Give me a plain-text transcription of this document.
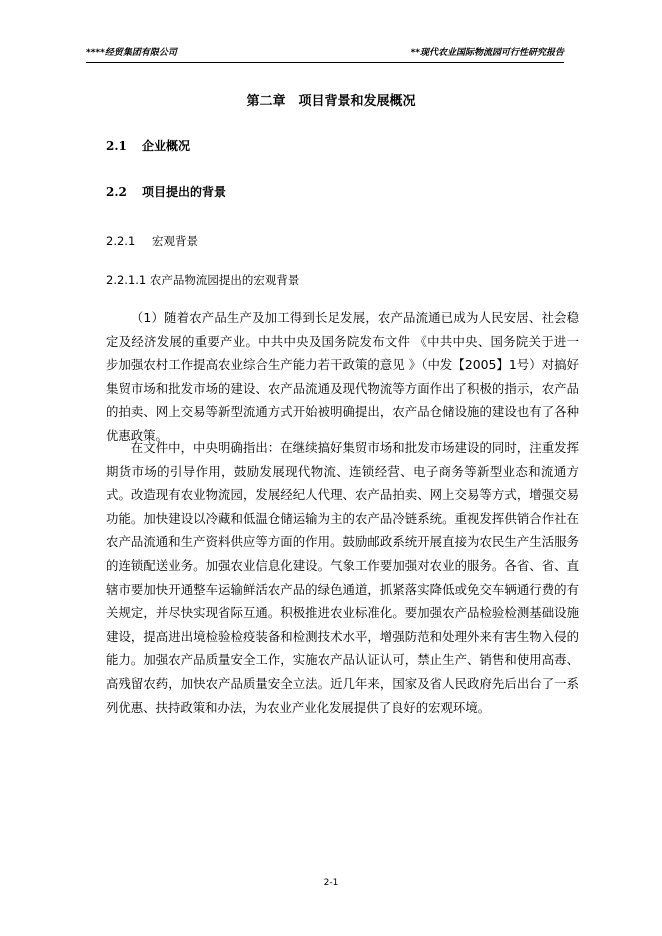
****经贸集团有限公司	**现代农业国际物流园可行性研究报告
第二章　项目背景和发展概况
2.1 企业概况
2.2 项目提出的背景
2.2.1 宏观背景
2.2.1.1 农产品物流园提出的宏观背景

（1）随着农产品生产及加工得到长足发展，农产品流通已成为人民安居、社会稳定及经济发展的重要产业。中共中央及国务院发布文件 《中共中央、国务院关于进一步加强农村工作提高农业综合生产能力若干政策的意见 》（中发【2005】1号）对搞好集贸市场和批发市场的建设、农产品流通及现代物流等方面作出了积极的指示，农产品的拍卖、网上交易等新型流通方式开始被明确提出，农产品仓储设施的建设也有了各种优惠政策。

在文件中，中央明确指出：在继续搞好集贸市场和批发市场建设的同时，注重发挥期货市场的引导作用，鼓励发展现代物流、连锁经营、电子商务等新型业态和流通方式。改造现有农业物流园，发展经纪人代理、农产品拍卖、网上交易等方式，增强交易功能。加快建设以冷藏和低温仓储运输为主的农产品冷链系统。重视发挥供销合作社在农产品流通和生产资料供应等方面的作用。鼓励邮政系统开展直接为农民生产生活服务的连锁配送业务。加强农业信息化建设。气象工作要加强对农业的服务。各省、省、直辖市要加快开通整车运输鲜活农产品的绿色通道，抓紧落实降低或免交车辆通行费的有关规定，并尽快实现省际互通。积极推进农业标准化。要加强农产品检验检测基础设施建设，提高进出境检验检疫装备和检测技术水平，增强防范和处理外来有害生物入侵的能力。加强农产品质量安全工作，实施农产品认证认可，禁止生产、销售和使用高毒、高残留农药，加快农产品质量安全立法。近几年来，国家及省人民政府先后出台了一系列优惠、扶持政策和办法，为农业产业化发展提供了良好的宏观环境。

2-1
